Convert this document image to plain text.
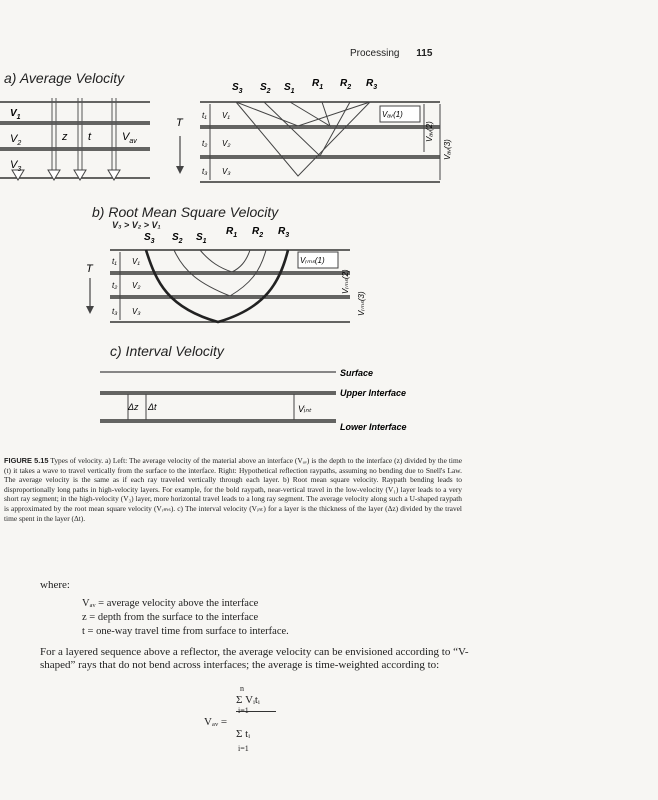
Processing 115
a) Average Velocity
$V_1$
$V_2$
$V_3$
z t	$V_{av}$
$S_3$ $S_2$ $S_1$
$R_1$ $R_2$ $R_3$
T
t₁
t₂
t₃
V₁
V₂
V₃
Vₐᵥ(1)
Vₐᵥ(2)
Vₐᵥ(3)
b) Root Mean Square Velocity
V₃ > V₂ > V₁
$S_3$ $S_2$ $S_1$
$R_1$ $R_2$ $R_3$
T
t₁
t₂
t₃
V₁
V₂
V₃
Vᵣₘₛ(1)
Vᵣₘₛ(2)
Vᵣₘₛ(3)
c) Interval Velocity
Δz Δt	Vᵢₙₜ
Surface
Upper Interface
Lower Interface
FIGURE 5.15 Types of velocity. a) Left: The average velocity of the material above an interface (Vₐᵥ) is the depth to the interface (z) divided by the time (t) it takes a wave to travel vertically from the surface to the interface. Right: Hypothetical reflection raypaths, assuming no bending due to Snell's Law. The average velocity is the same as if each ray traveled vertically through each layer. b) Root mean square velocity. Raypath bending leads to disproportionally long paths in high-velocity layers. For example, for the bold raypath, near-vertical travel in the low-velocity (V₁) layer leads to a very short ray segment; in the high-velocity (V₃) layer, more horizontal travel leads to a long ray segment. The average velocity along such a U-shaped raypath is approximated by the root mean square velocity (Vᵣₘₛ). c) The interval velocity (Vᵢₙₜ) for a layer is the thickness of the layer (Δz) divided by the travel time spent in the layer (Δt).
where:
Vₐᵥ = average velocity above the interface
z = depth from the surface to the interface
t = one-way travel time from surface to interface.
For a layered sequence above a reflector, the average velocity can be envisioned according to “V-shaped” rays that do not bend across interfaces; the average is time-weighted according to:
Vₐᵥ =
n
Σ Vᵢtᵢ
i=1
Σ tᵢ
i=1
